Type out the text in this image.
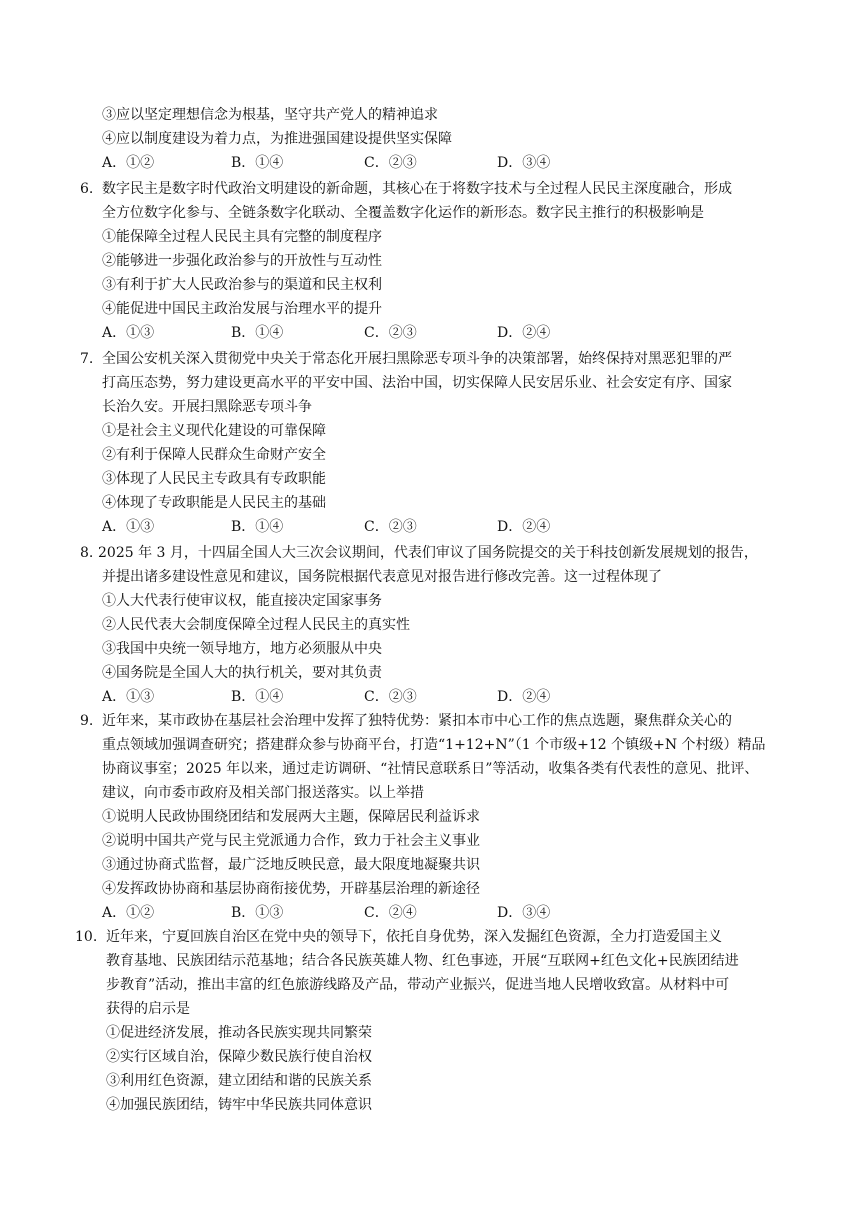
③应以坚定理想信念为根基，坚守共产党人的精神追求
④应以制度建设为着力点，为推进强国建设提供坚实保障
A．①②	B．①④	C．②③	D．③④
6. 数字民主是数字时代政治文明建设的新命题，其核心在于将数字技术与全过程人民民主深度融合，形成
全方位数字化参与、全链条数字化联动、全覆盖数字化运作的新形态。数字民主推行的积极影响是
①能保障全过程人民民主具有完整的制度程序
②能够进一步强化政治参与的开放性与互动性
③有利于扩大人民政治参与的渠道和民主权利
④能促进中国民主政治发展与治理水平的提升
A．①③	B．①④	C．②③	D．②④
7. 全国公安机关深入贯彻党中央关于常态化开展扫黑除恶专项斗争的决策部署，始终保持对黑恶犯罪的严
打高压态势，努力建设更高水平的平安中国、法治中国，切实保障人民安居乐业、社会安定有序、国家
长治久安。开展扫黑除恶专项斗争
①是社会主义现代化建设的可靠保障
②有利于保障人民群众生命财产安全
③体现了人民民主专政具有专政职能
④体现了专政职能是人民民主的基础
A．①③	B．①④	C．②③	D．②④
8. 2025 年 3 月，十四届全国人大三次会议期间，代表们审议了国务院提交的关于科技创新发展规划的报告，
并提出诸多建设性意见和建议，国务院根据代表意见对报告进行修改完善。这一过程体现了
①人大代表行使审议权，能直接决定国家事务
②人民代表大会制度保障全过程人民民主的真实性
③我国中央统一领导地方，地方必须服从中央
④国务院是全国人大的执行机关，要对其负责
A．①③	B．①④	C．②③	D．②④
9. 近年来，某市政协在基层社会治理中发挥了独特优势：紧扣本市中心工作的焦点选题，聚焦群众关心的
重点领域加强调查研究；搭建群众参与协商平台，打造“1+12+N”（1 个市级+12 个镇级+N 个村级）精品
协商议事室；2025 年以来，通过走访调研、“社情民意联系日”等活动，收集各类有代表性的意见、批评、
建议，向市委市政府及相关部门报送落实。以上举措
①说明人民政协围绕团结和发展两大主题，保障居民利益诉求
②说明中国共产党与民主党派通力合作，致力于社会主义事业
③通过协商式监督，最广泛地反映民意，最大限度地凝聚共识
④发挥政协协商和基层协商衔接优势，开辟基层治理的新途径
A．①②	B．①③	C．②④	D．③④
10. 近年来，宁夏回族自治区在党中央的领导下，依托自身优势，深入发掘红色资源，全力打造爱国主义
教育基地、民族团结示范基地；结合各民族英雄人物、红色事迹，开展“互联网+红色文化+民族团结进
步教育”活动，推出丰富的红色旅游线路及产品，带动产业振兴，促进当地人民增收致富。从材料中可
获得的启示是
①促进经济发展，推动各民族实现共同繁荣
②实行区域自治，保障少数民族行使自治权
③利用红色资源，建立团结和谐的民族关系
④加强民族团结，铸牢中华民族共同体意识
